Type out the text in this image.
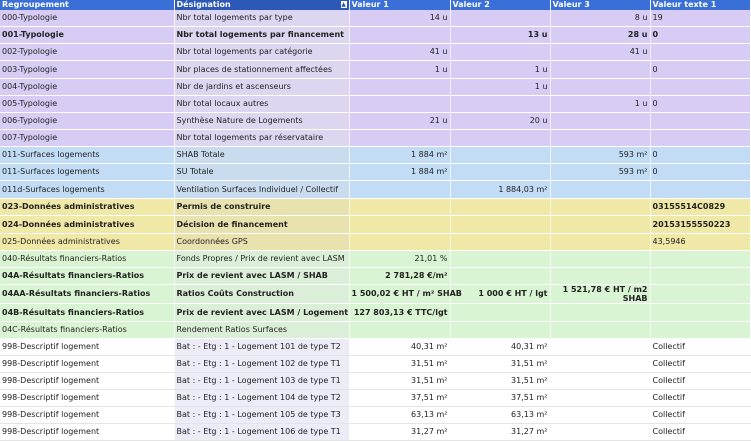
Regroupement	Désignation ▲	Valeur 1	Valeur 2	Valeur 3	Valeur texte 1
000-Typologie	Nbr total logements par type	14 u		8 u	19
001-Typologie	Nbr total logements par financement		13 u	28 u	0
002-Typologie	Nbr total logements par catégorie	41 u		41 u	
003-Typologie	Nbr places de stationnement affectées	1 u	1 u		0
004-Typologie	Nbr de jardins et ascenseurs		1 u		
005-Typologie	Nbr total locaux autres			1 u	0
006-Typologie	Synthèse Nature de Logements	21 u	20 u		
007-Typologie	Nbr total logements par réservataire				
011-Surfaces logements	SHAB Totale	1 884 m²		593 m²	0
011-Surfaces logements	SU Totale	1 884 m²		593 m²	0
011d-Surfaces logements	Ventilation Surfaces Individuel / Collectif		1 884,03 m²		
023-Données administratives	Permis de construire				03155514C0829
024-Données administratives	Décision de financement				20153155550223
025-Données administratives	Coordonnées GPS				43,5946
040-Résultats financiers-Ratios	Fonds Propres / Prix de revient avec LASM	21,01 %			
04A-Résultats financiers-Ratios	Prix de revient avec LASM / SHAB	2 781,28 €/m²			
04AA-Résultats financiers-Ratios	Ratios Coûts Construction	1 500,02 € HT / m² SHAB	1 000 € HT / lgt	1 521,78 € HT / m2 SHAB	

04B-Résultats financiers-Ratios	Prix de revient avec LASM / Logement	127 803,13 € TTC/lgt			
04C-Résultats financiers-Ratios	Rendement Ratios Surfaces				
998-Descriptif logement	Bat : - Etg : 1 - Logement 101 de type T2	40,31 m²	40,31 m²		Collectif
998-Descriptif logement	Bat : - Etg : 1 - Logement 102 de type T1	31,51 m²	31,51 m²		Collectif
998-Descriptif logement	Bat : - Etg : 1 - Logement 103 de type T1	31,51 m²	31,51 m²		Collectif
998-Descriptif logement	Bat : - Etg : 1 - Logement 104 de type T2	37,51 m²	37,51 m²		Collectif
998-Descriptif logement	Bat : - Etg : 1 - Logement 105 de type T3	63,13 m²	63,13 m²		Collectif
998-Descriptif logement	Bat : - Etg : 1 - Logement 106 de type T1	31,27 m²	31,27 m²		Collectif
